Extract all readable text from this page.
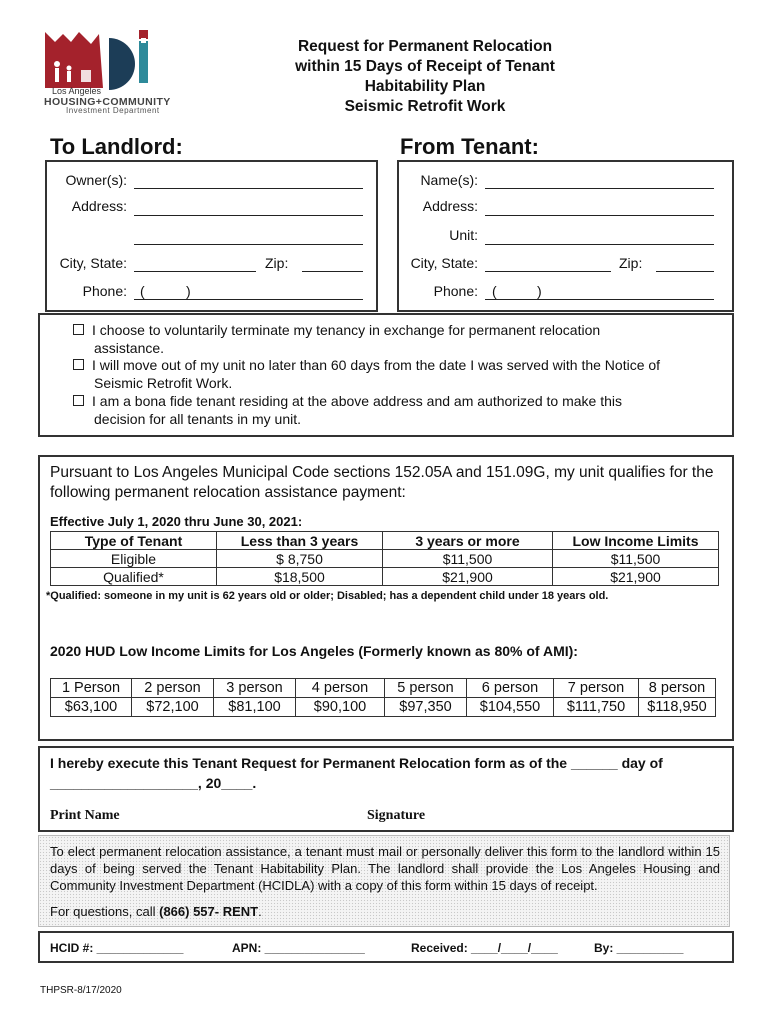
Los Angeles
HOUSING+COMMUNITY
Investment Department
Request for Permanent Relocation
within 15 Days of Receipt of Tenant
Habitability Plan
Seismic Retrofit Work
To Landlord:	From Tenant:
Owner(s):
Address:
City, State:	Zip:
Phone: (	)
Name(s):
Address:
Unit:
City, State:	Zip:
Phone: (	)
I choose to voluntarily terminate my tenancy in exchange for permanent relocation
assistance.
I will move out of my unit no later than 60 days from the date I was served with the Notice of
Seismic Retrofit Work.
I am a bona fide tenant residing at the above address and am authorized to make this
decision for all tenants in my unit.
Pursuant to Los Angeles Municipal Code sections 152.05A and 151.09G, my unit qualifies for the following permanent relocation assistance payment:
Effective July 1, 2020 thru June 30, 2021:
Type of Tenant	Less than 3 years	3 years or more	Low Income Limits
Eligible	$ 8,750	$11,500	$11,500
Qualified*	$18,500	$21,900	$21,900
*Qualified: someone in my unit is 62 years old or older; Disabled; has a dependent child under 18 years old.
2020 HUD Low Income Limits for Los Angeles (Formerly known as 80% of AMI):
1 Person	2 person	3 person	4 person	5 person	6 person	7 person	8 person
$63,100	$72,100	$81,100	$90,100	$97,350	$104,550	$111,750	$118,950
I hereby execute this Tenant Request for Permanent Relocation form as of the ______ day of
___________________, 20____.
Print Name	Signature
To elect permanent relocation assistance, a tenant must mail or personally deliver this form to the landlord within 15 days of being served the Tenant Habitability Plan. The landlord shall provide the Los Angeles Housing and Community Investment Department (HCIDLA) with a copy of this form within 15 days of receipt.
For questions, call (866) 557- RENT.
HCID #: _____________	APN: _______________	Received: ____/____/____	By: __________
THPSR-8/17/2020
